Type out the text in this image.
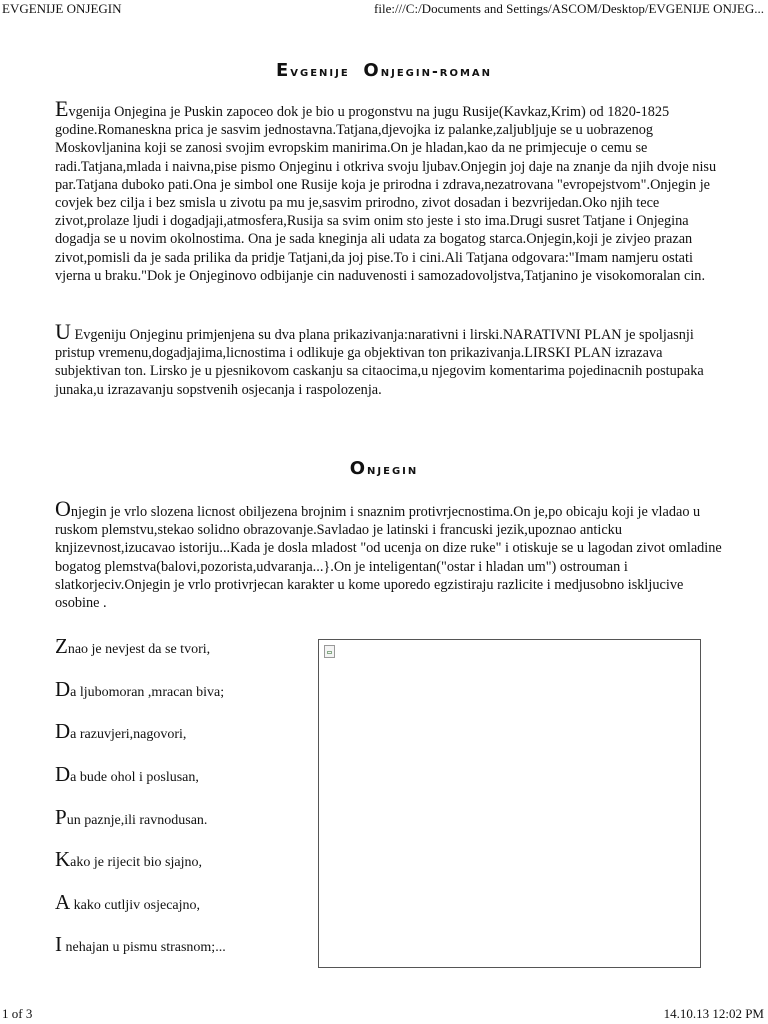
EVGENIJE ONJEGIN	file:///C:/Documents and Settings/ASCOM/Desktop/EVGENIJE ONJEG...
Evgenije Onjegin-roman

Evgenija Onjegina je Puskin zapoceo dok je bio u progonstvu na jugu Rusije(Kavkaz,Krim) od 1820-1825 godine.Romaneskna prica je sasvim jednostavna.Tatjana,djevojka iz palanke,zaljubljuje se u uobrazenog Moskovljanina koji se zanosi svojim evropskim manirima.On je hladan,kao da ne primjecuje o cemu se radi.Tatjana,mlada i naivna,pise pismo Onjeginu i otkriva svoju ljubav.Onjegin joj daje na znanje da njih dvoje nisu par.Tatjana duboko pati.Ona je simbol one Rusije koja je prirodna i zdrava,nezatrovana "evropejstvom".Onjegin je covjek bez cilja i bez smisla u zivotu pa mu je,sasvim prirodno, zivot dosadan i bezvrijedan.Oko njih tece zivot,prolaze ljudi i dogadjaji,atmosfera,Rusija sa svim onim sto jeste i sto ima.Drugi susret Tatjane i Onjegina dogadja se u novim okolnostima. Ona je sada kneginja ali udata za bogatog starca.Onjegin,koji je zivjeo prazan zivot,pomisli da je sada prilika da pridje Tatjani,da joj pise.To i cini.Ali Tatjana odgovara:"Imam namjeru ostati vjerna u braku."Dok je Onjeginovo odbijanje cin naduvenosti i samozadovoljstva,Tatjanino je visokomoralan cin.

U Evgeniju Onjeginu primjenjena su dva plana prikazivanja:narativni i lirski.NARATIVNI PLAN je spoljasnji pristup vremenu,dogadjajima,licnostima i odlikuje ga objektivan ton prikazivanja.LIRSKI PLAN izrazava subjektivan ton. Lirsko je u pjesnikovom caskanju sa citaocima,u njegovim komentarima pojedinacnih postupaka junaka,u izrazavanju sopstvenih osjecanja i raspolozenja.

Onjegin

Onjegin je vrlo slozena licnost obiljezena brojnim i snaznim protivrjecnostima.On je,po obicaju koji je vladao u ruskom plemstvu,stekao solidno obrazovanje.Savladao je latinski i francuski jezik,upoznao anticku knjizevnost,izucavao istoriju...Kada je dosla mladost "od ucenja on dize ruke" i otiskuje se u lagodan zivot omladine bogatog plemstva(balovi,pozorista,udvaranja...}.On je inteligentan("ostar i hladan um") ostrouman i slatkorjeciv.Onjegin je vrlo protivrjecan karakter u kome uporedo egzistiraju razlicite i medjusobno iskljucive osobine .

Znao je nevjest da se tvori,

Da ljubomoran ,mracan biva;

Da razuvjeri,nagovori,

Da bude ohol i poslusan,

Pun paznje,ili ravnodusan.

Kako je rijecit bio sjajno,

A kako cutljiv osjecajno,

I nehajan u pismu strasnom;...

1 of 3	14.10.13 12:02 PM
